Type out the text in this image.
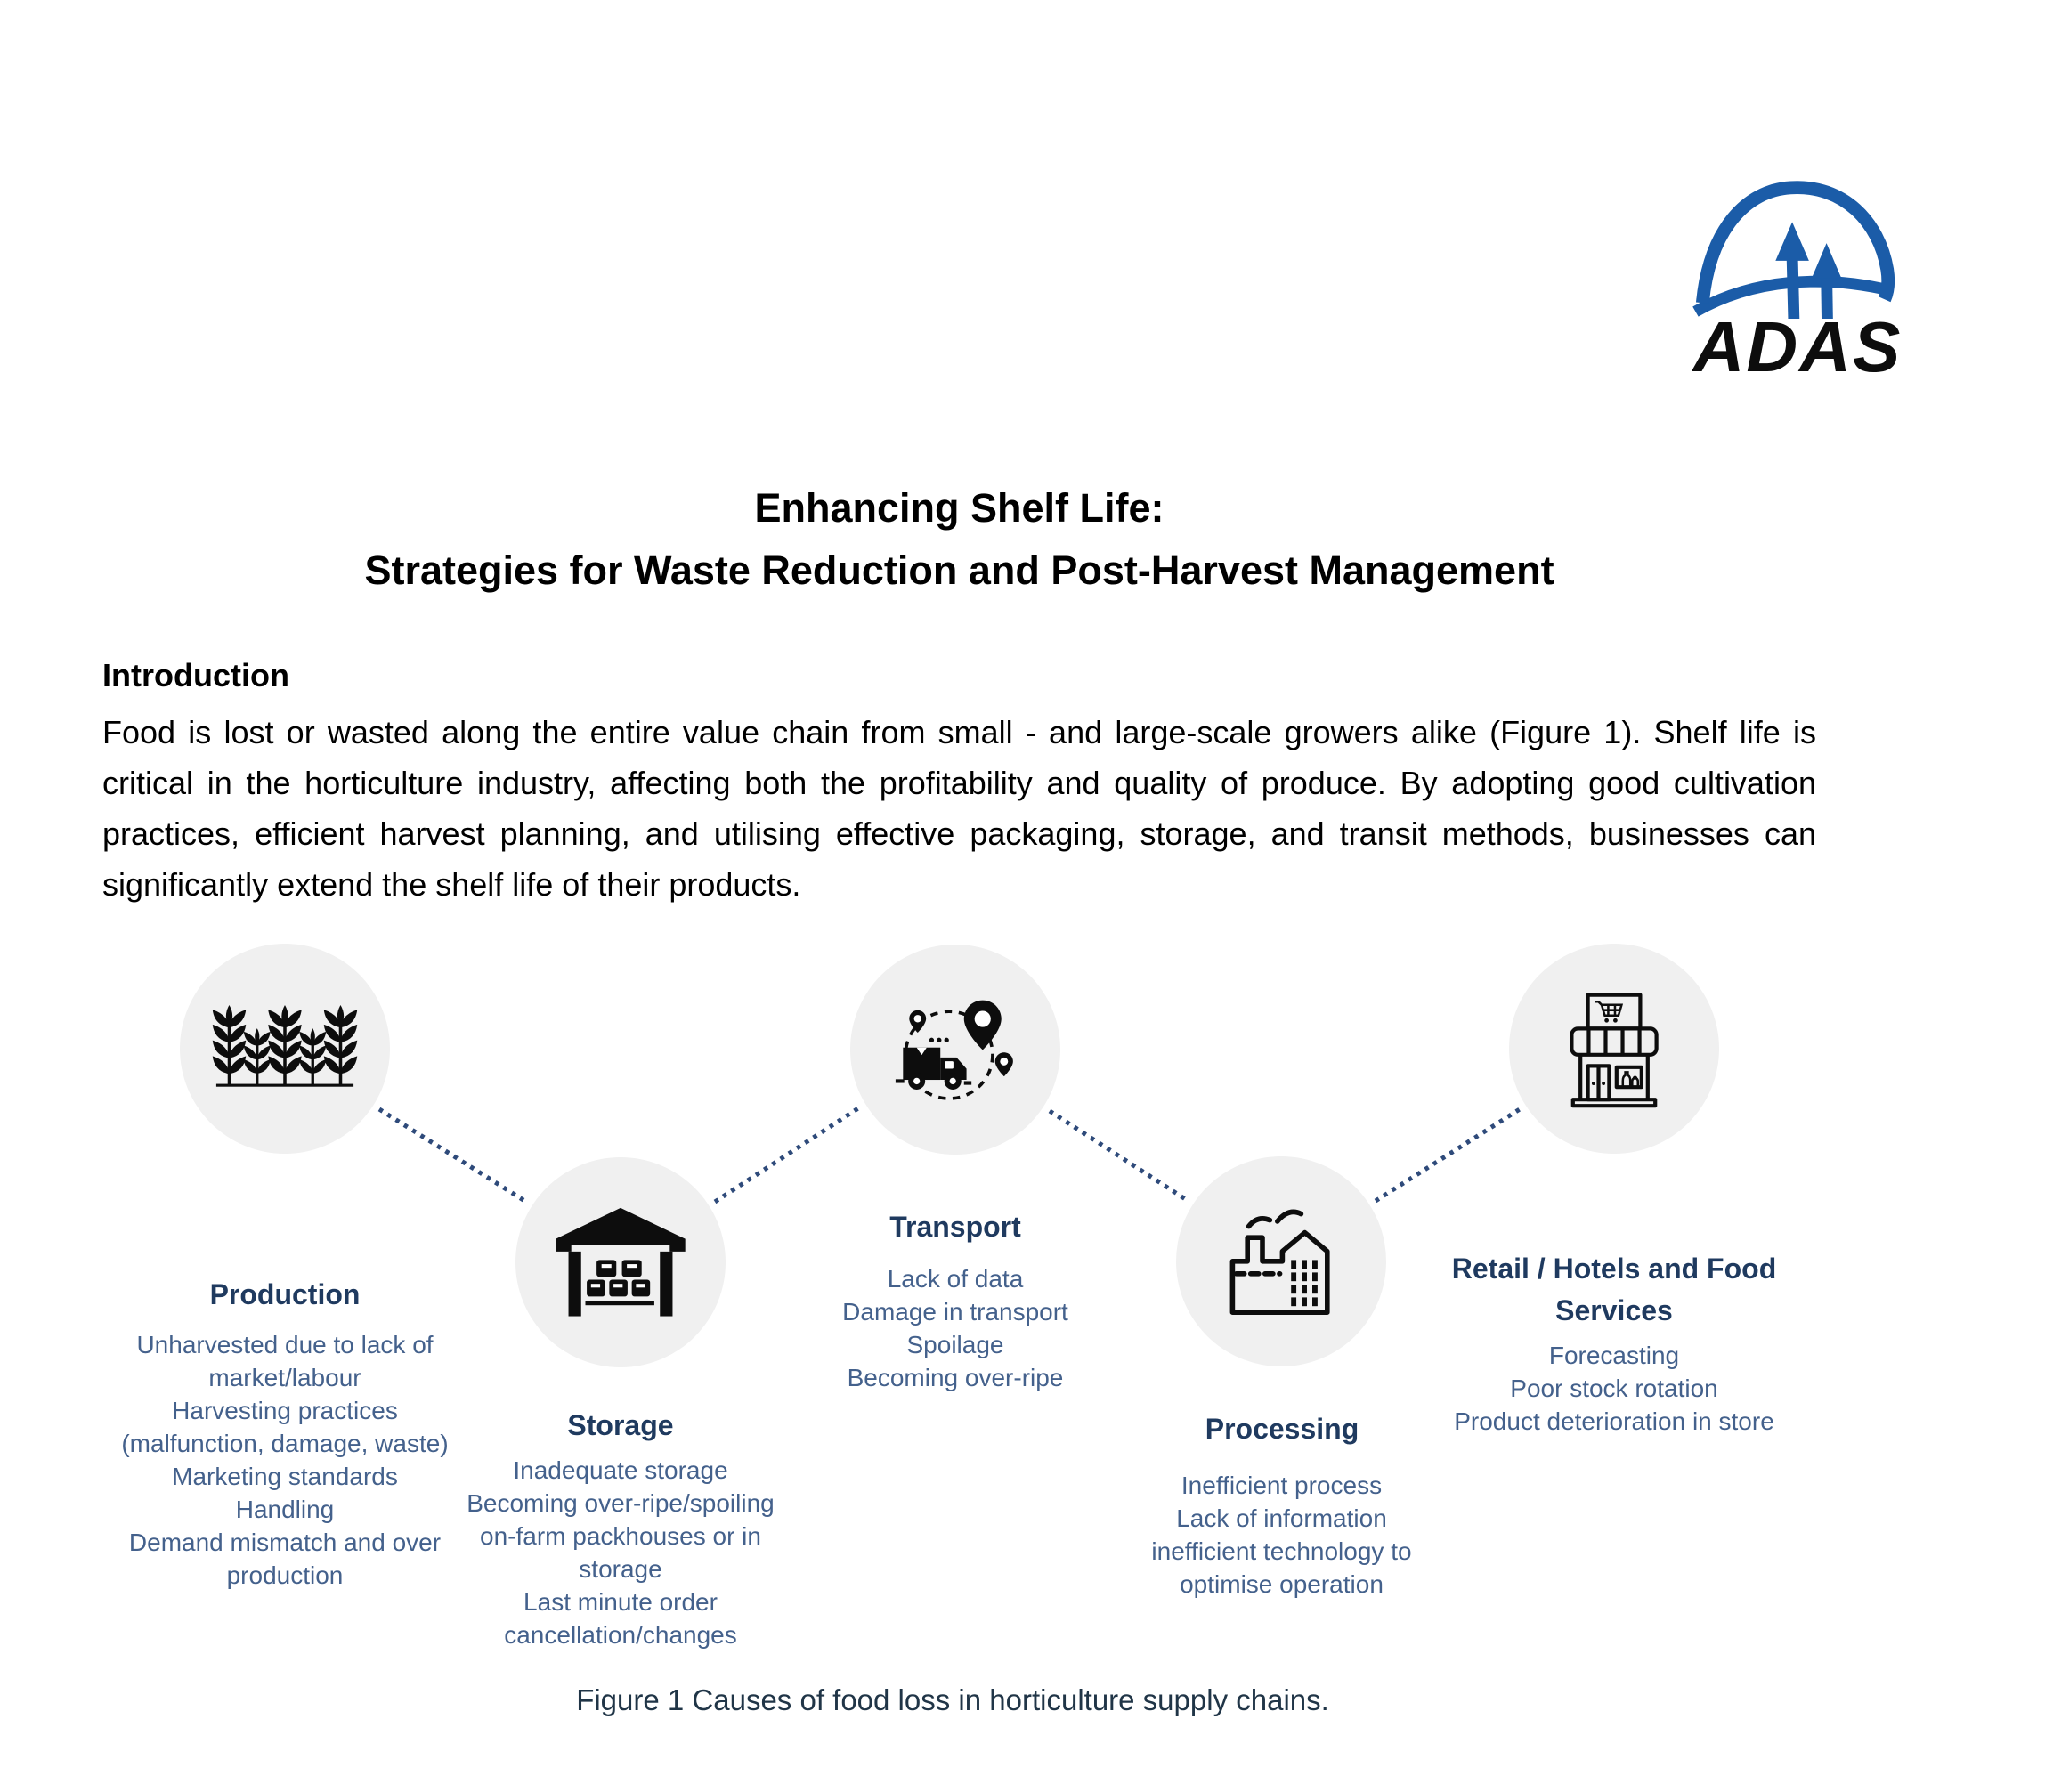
ADAS
Enhancing Shelf Life:
Strategies for Waste Reduction and Post-Harvest Management
Introduction
Food is lost or wasted along the entire value chain from small - and large-scale growers alike (Figure 1). Shelf life is critical in the horticulture industry, affecting both the profitability and quality of produce. By adopting good cultivation practices, efficient harvest planning, and utilising effective packaging, storage, and transit methods, businesses can significantly extend the shelf life of their products.
Production
Unharvested due to lack of market/labour
Harvesting practices (malfunction, damage, waste)
Marketing standards
Handling
Demand mismatch and over production
Storage
Inadequate storage
Becoming over-ripe/spoiling on-farm packhouses or in storage
Last minute order cancellation/changes
Transport
Lack of data
Damage in transport
Spoilage
Becoming over-ripe
Processing
Inefficient process
Lack of information
inefficient technology to optimise operation
Retail / Hotels and Food Services
Forecasting
Poor stock rotation
Product deterioration in store
Figure 1 Causes of food loss in horticulture supply chains.
